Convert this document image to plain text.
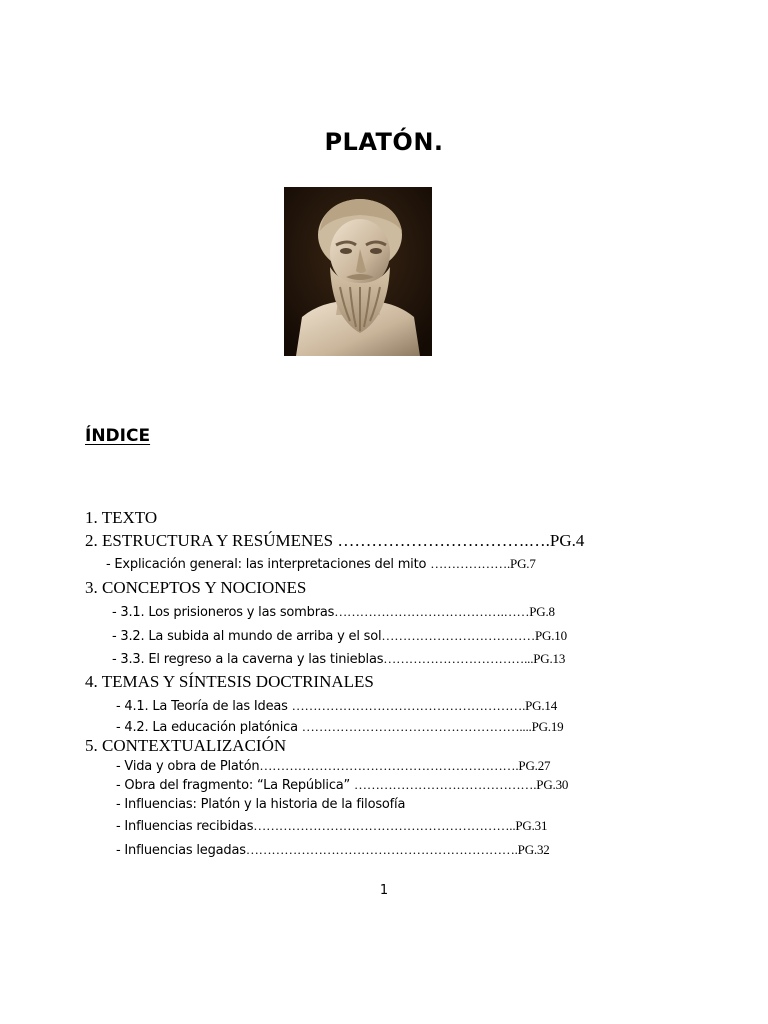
PLATÓN.
ÍNDICE
1. TEXTO
2. ESTRUCTURA Y RESÚMENES …………………………….….PG.4
- Explicación general: las interpretaciones del mito ……………….PG.7
3. CONCEPTOS Y NOCIONES
- 3.1. Los prisioneros y las sombras………………………………….……PG.8
- 3.2. La subida al mundo de arriba y el sol………………………………PG.10
- 3.3. El regreso a la caverna y las tinieblas……………………………...PG.13
4. TEMAS Y SÍNTESIS DOCTRINALES
- 4.1. La Teoría de las Ideas ……………………………………………….PG.14
- 4.2. La educación platónica ……………………………………………....PG.19
5. CONTEXTUALIZACIÓN
- Vida y obra de Platón…………………………………………………….PG.27
- Obra del fragmento: “La República” …………………………………….PG.30
- Influencias: Platón y la historia de la filosofía
- Influencias recibidas……………………………………………………..PG.31
- Influencias legadas……………………………………………………….PG.32
1
